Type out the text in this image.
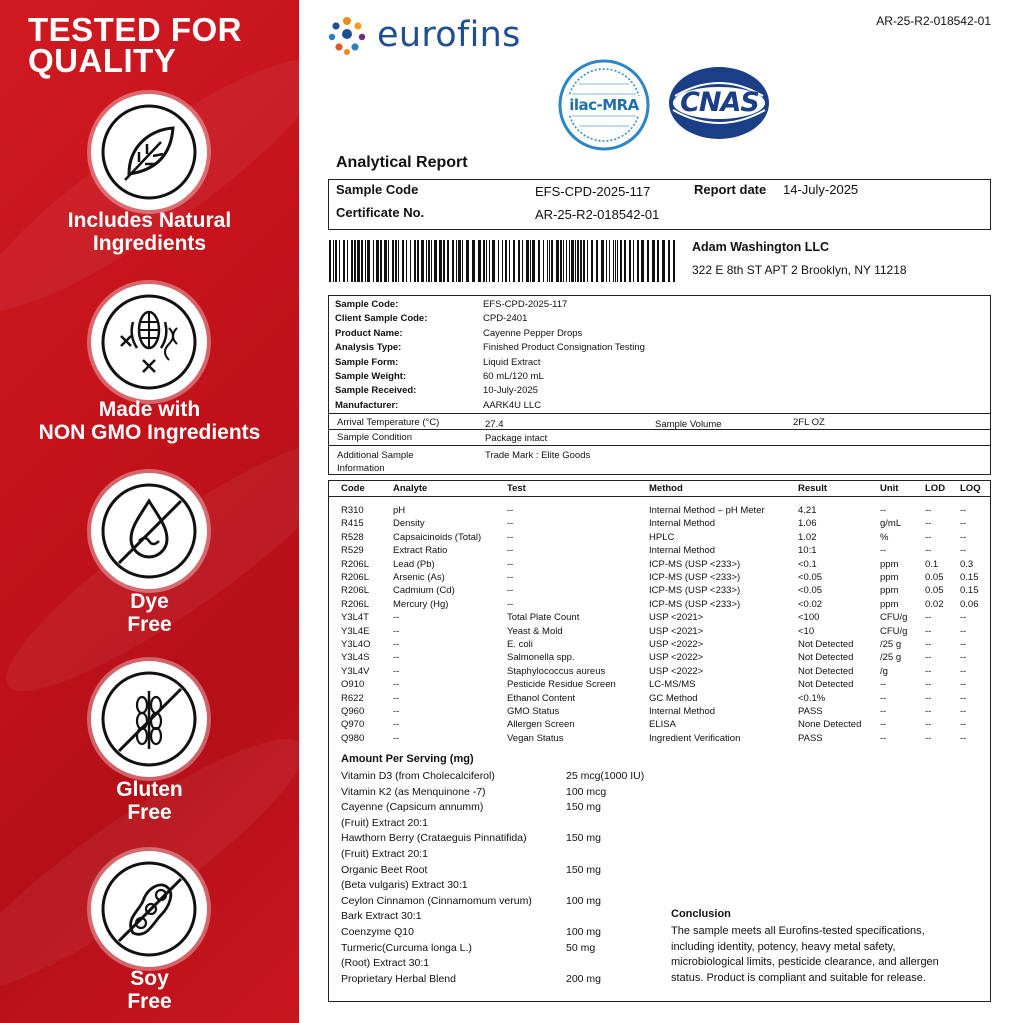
TESTED FOR
QUALITY
Includes Natural
Ingredients
Made with
NON GMO Ingredients
Dye
Free
Gluten
Free
Soy
Free
AR-25-R2-018542-01
eurofins
ilac-MRA	CNAS
Analytical Report
Sample Code	EFS-CPD-2025-117	Report date 14-July-2025
Certificate No.	AR-25-R2-018542-01
Adam Washington LLC
322 E 8th ST APT 2 Brooklyn, NY 11218
Sample Code:	EFS-CPD-2025-117
Client Sample Code:	CPD-2401
Product Name:	Cayenne Pepper Drops
Analysis Type:	Finished Product Consignation Testing
Sample Form:	Liquid Extract
Sample Weight:	60 mL/120 mL
Sample Received:	10-July-2025
Manufacturer:	AARK4U LLC
Arrival Temperature (°C)	27.4	Sample Volume	2FL OZ
Sample Condition	Package intact
Additional Sample
Information
Trade Mark : Elite Goods
Code	Analyte	Test	Method	Result	Unit	LOD LOQ
R310	pH	--	Internal Method – pH Meter	4.21	--	--	--
R415	Density	--	Internal Method	1.06	g/mL	--	--
R528	Capsaicinoids (Total)	--	HPLC	1.02	%	--	--
R529	Extract Ratio	--	Internal Method	10:1	--	--	--
R206L	Lead (Pb)	--	ICP-MS (USP <233>)	<0.1	ppm	0.1 0.3
R206L	Arsenic (As)	--	ICP-MS (USP <233>)	<0.05	ppm	0.05 0.15
R206L	Cadmium (Cd)	--	ICP-MS (USP <233>)	<0.05	ppm	0.05 0.15
R206L	Mercury (Hg)	--	ICP-MS (USP <233>)	<0.02	ppm	0.02 0.06
Y3L4T	--	Total Plate Count	USP <2021>	<100	CFU/g --	--
Y3L4E --	Yeast & Mold	USP <2021>	<10	CFU/g --	--
Y3L4O --	E. coli	USP <2022>	Not Detected	/25 g	--	--
Y3L4S --	Salmonella spp.	USP <2022>	Not Detected	/25 g	--	--
Y3L4V --	Staphylococcus aureus	USP <2022>	Not Detected	/g	--	--
O910	--	Pesticide Residue Screen	LC-MS/MS	Not Detected	--	--	--
R622	--	Ethanol Content	GC Method	<0.1%	--	--	--
Q960	--	GMO Status	Internal Method	PASS	--	--	--
Q970	--	Allergen Screen	ELISA	None Detected --	--	--
Q980	--	Vegan Status	Ingredient Verification	PASS	--	--	--
Amount Per Serving (mg)
Vitamin D3 (from Cholecalciferol)	25 mcg(1000 IU)
Vitamin K2 (as Menquinone -7)	100 mcg
Cayenne (Capsicum annumm)	150 mg
(Fruit) Extract 20:1
Hawthorn Berry (Crataeguis Pinnatifida)	150 mg
(Fruit) Extract 20:1
Organic Beet Root	150 mg
(Beta vulgaris) Extract 30:1
Ceylon Cinnamon (Cinnamomum verum)	100 mg
Bark Extract 30:1
Coenzyme Q10	100 mg
Turmeric(Curcuma longa L.)	50 mg
(Root) Extract 30:1
Proprietary Herbal Blend	200 mg
Conclusion
The sample meets all Eurofins-tested specifications,
including identity, potency, heavy metal safety,
microbiological limits, pesticide clearance, and allergen
status. Product is compliant and suitable for release.
